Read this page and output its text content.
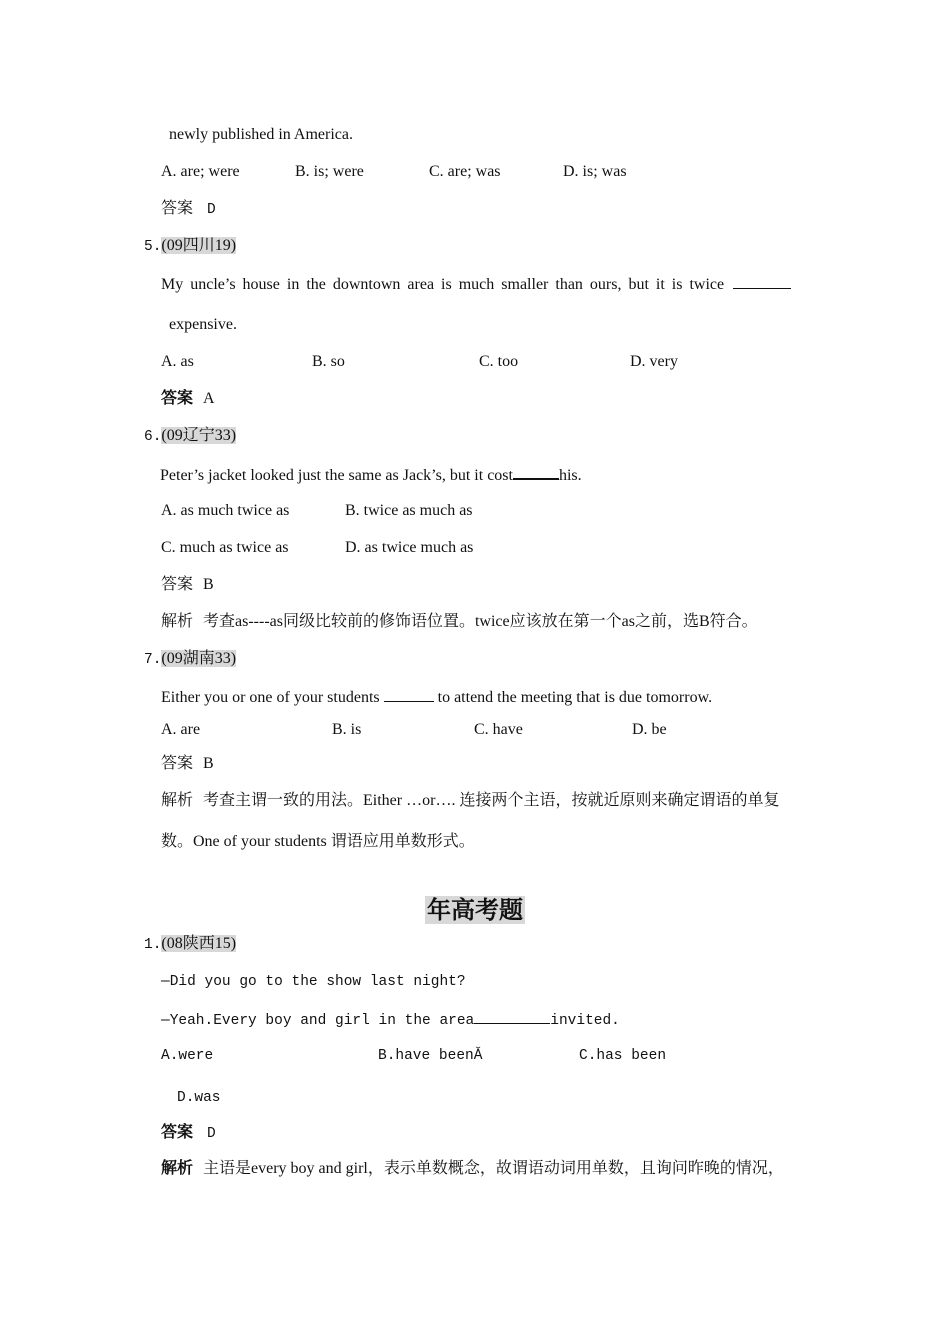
newly published in America.
A. are; were	B. is; were	C. are; was	D. is; was
答案 D
5.(09四川19)
My uncle’s house in the downtown area is much smaller than ours, but it is twice
expensive.
A. as	B. so	C. too	D. very
答案 A
6.(09辽宁33)
Peter’s jacket looked just the same as Jack’s, but it cost	his.
A. as much twice as	B. twice as much as
C. much as twice as	D. as twice much as
答案 B
解析 考查as----as同级比较前的修饰语位置。twice应该放在第一个as之前，选B符合。
7.(09湖南33)
Either you or one of your students	to attend the meeting that is due tomorrow.
A. are	B. is	C. have	D. be
答案 B
解析 考查主谓一致的用法。Either …or…. 连接两个主语，按就近原则来确定谓语的单复
数。One of your students 谓语应用单数形式。
年高考题
1.(08陕西15)
—Did you go to the show last night?
—Yeah.Every boy and girl in the area	invited.
A.were	B.have beenǍ	C.has been
D.was
答案 D
解析 主语是every boy and girl，表示单数概念，故谓语动词用单数，且询问昨晚的情况，
